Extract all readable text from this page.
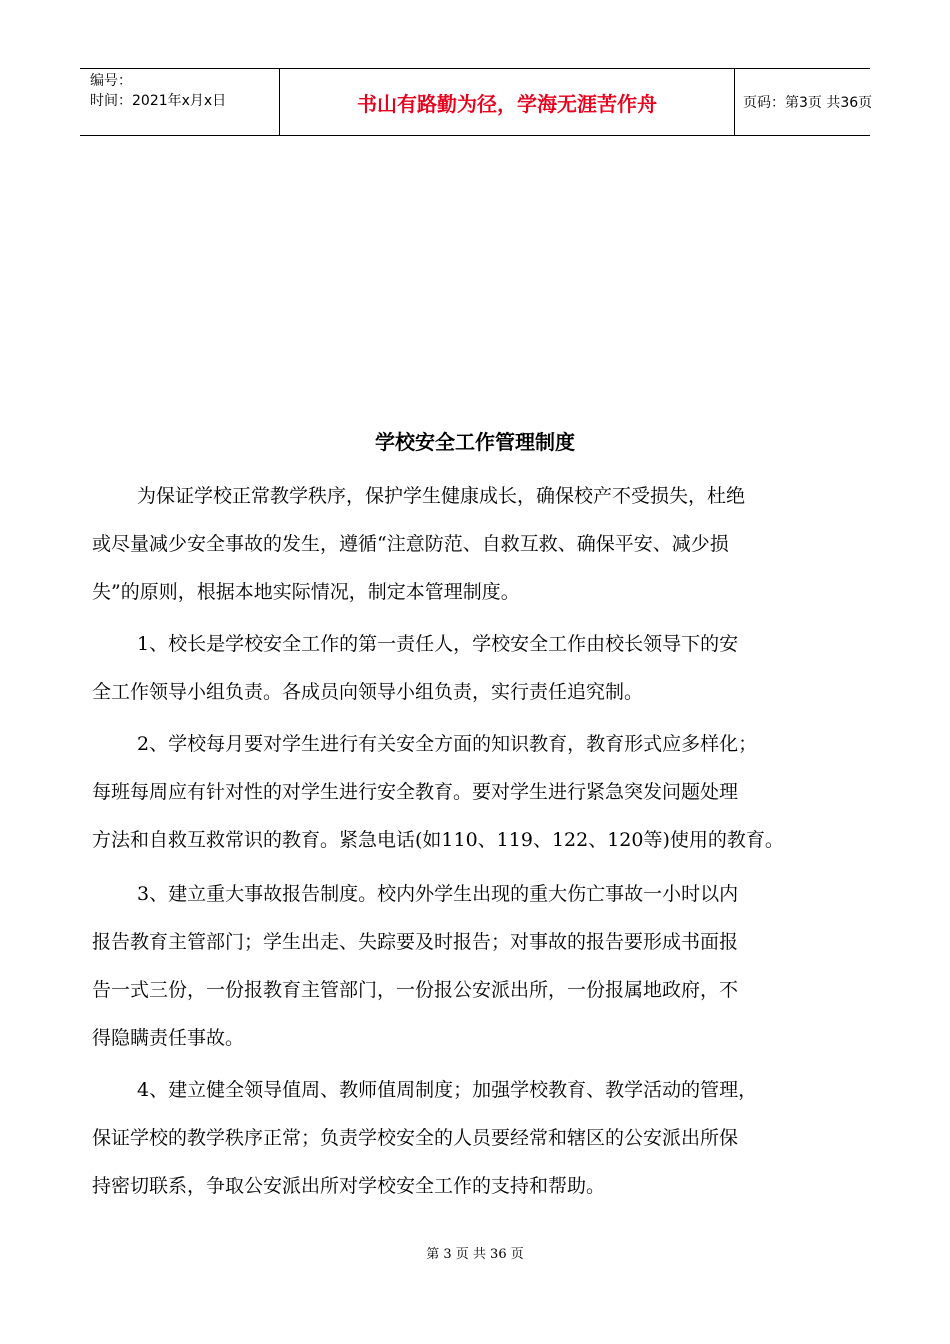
编号：
时间：2021年x月x日	书山有路勤为径，学海无涯苦作舟	页码：第3页 共36页
学校安全工作管理制度
为保证学校正常教学秩序，保护学生健康成长，确保校产不受损失，杜绝
或尽量减少安全事故的发生，遵循“注意防范、自救互救、确保平安、减少损
失”的原则，根据本地实际情况，制定本管理制度。
1、校长是学校安全工作的第一责任人，学校安全工作由校长领导下的安
全工作领导小组负责。各成员向领导小组负责，实行责任追究制。
2、学校每月要对学生进行有关安全方面的知识教育，教育形式应多样化；
每班每周应有针对性的对学生进行安全教育。要对学生进行紧急突发问题处理
方法和自救互救常识的教育。紧急电话(如110、119、122、120等)使用的教育。
3、建立重大事故报告制度。校内外学生出现的重大伤亡事故一小时以内
报告教育主管部门；学生出走、失踪要及时报告；对事故的报告要形成书面报
告一式三份，一份报教育主管部门，一份报公安派出所，一份报属地政府，不
得隐瞒责任事故。
4、建立健全领导值周、教师值周制度；加强学校教育、教学活动的管理，
保证学校的教学秩序正常；负责学校安全的人员要经常和辖区的公安派出所保
持密切联系，争取公安派出所对学校安全工作的支持和帮助。
第 3 页 共 36 页
